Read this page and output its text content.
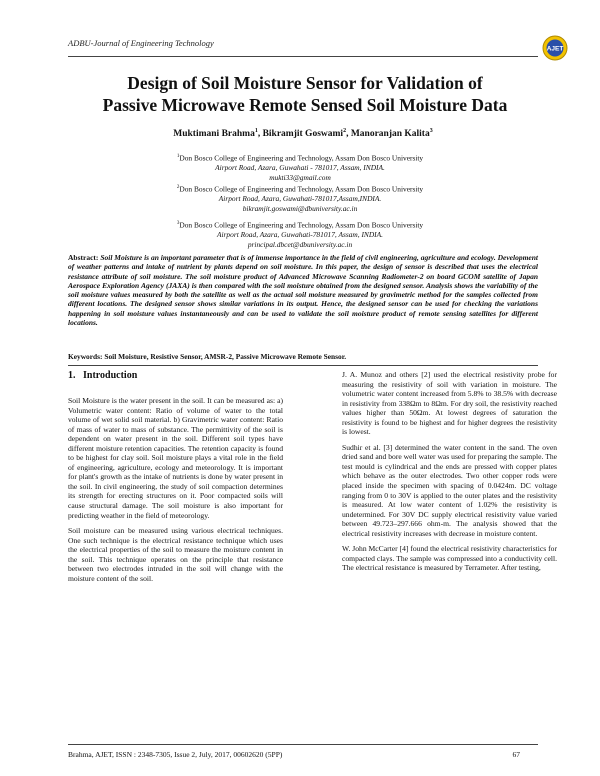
ADBU-Journal of Engineering Technology
AJET
Design of Soil Moisture Sensor for Validation of
Passive Microwave Remote Sensed Soil Moisture Data
Muktimani Brahma$^1$, Bikramjit Goswami$^2$, Manoranjan Kalita$^3$
$^1$Don Bosco College of Engineering and Technology, Assam Don Bosco University
Airport Road, Azara, Guwahati - 781017, Assam, INDIA.
mukti33@gmail.com
$^2$Don Bosco College of Engineering and Technology, Assam Don Bosco University
Airport Road, Azara, Guwahati-781017,Assam,INDIA.
bikramjit.goswami@dbuniversity.ac.in
$^3$Don Bosco College of Engineering and Technology, Assam Don Bosco University
Airport Road, Azara, Guwahati-781017, Assam, INDIA.
principal.dbcet@dbuniversity.ac.in
Abstract: Soil Moisture is an important parameter that is of immense importance in the field of civil engineering, agriculture and ecology. Development of weather patterns and intake of nutrient by plants depend on soil moisture. In this paper, the design of sensor is described that uses the electrical resistance attribute of soil moisture. The soil moisture product of Advanced Microwave Scanning Radiometer-2 on board GCOM satellite of Japan Aerospace Exploration Agency (JAXA) is then compared with the soil moisture obtained from the designed sensor. Analysis shows the variability of the soil moisture values measured by both the satellite as well as the actual soil moisture measured by gravimetric method for the samples collected from different locations. The designed sensor shows similar variations in its output. Hence, the designed sensor can be used for checking the variations happening in soil moisture values instantaneously and can be used to validate the soil moisture product of remote sensing satellites for different locations.
Keywords: Soil Moisture, Resistive Sensor, AMSR-2, Passive Microwave Remote Sensor.
1. Introduction

Soil Moisture is the water present in the soil. It can be measured as: a) Volumetric water content: Ratio of volume of water to the total volume of wet solid soil material. b) Gravimetric water content: Ratio of mass of water to mass of substance. The permittivity of the soil is dependent on water present in the soil. Different soil types have different moisture retention capacities. The retention capacity is found to be highest for clay soil. Soil moisture plays a vital role in the field of engineering, agriculture, ecology and meteorology. It is important for plant's growth as the intake of nutrients is done by water present in the soil. In civil engineering, the study of soil compaction determines its strength for erecting structures on it. Poor compacted soils will cause structural damage. The soil moisture is also important for predicting weather in the field of meteorology.

Soil moisture can be measured using various electrical techniques. One such technique is the electrical resistance technique which uses the electrical properties of the soil to measure the moisture content in the soil. This technique operates on the principle that resistance between two electrodes intruded in the soil will change with the moisture content of the soil.

J. A. Munoz and others [2] used the electrical resistivity probe for measuring the resistivity of soil with variation in moisture. The volumetric water content increased from 5.8% to 38.5% with decrease in resistivity from 338Ωm to 8Ωm. For dry soil, the resistivity reached values higher than 50Ωm. At lowest degrees of saturation the resistivity is found to be highest and for higher degrees the resistivity is lowest.

Sudhir et al. [3] determined the water content in the sand. The oven dried sand and bore well water was used for preparing the sample. The test mould is cylindrical and the ends are pressed with copper plates which behave as the outer electrodes. Two other copper rods were placed inside the specimen with spacing of 0.0424m. DC voltage ranging from 0 to 30V is applied to the outer plates and the resistivity is measured. At low water content of 1.02% the resistivity is undetermined. For 30V DC supply electrical resistivity value varied between 49.723–297.666 ohm-m. The analysis showed that the electrical resistivity increases with decrease in moisture content.

W. John McCarter [4] found the electrical resistivity characteristics for compacted clays. The sample was compressed into a conductivity cell. The electrical resistance is measured by Terrameter. After testing,

Brahma, AJET, ISSN : 2348-7305, Issue 2, July, 2017, 00602620 (5PP)	67
